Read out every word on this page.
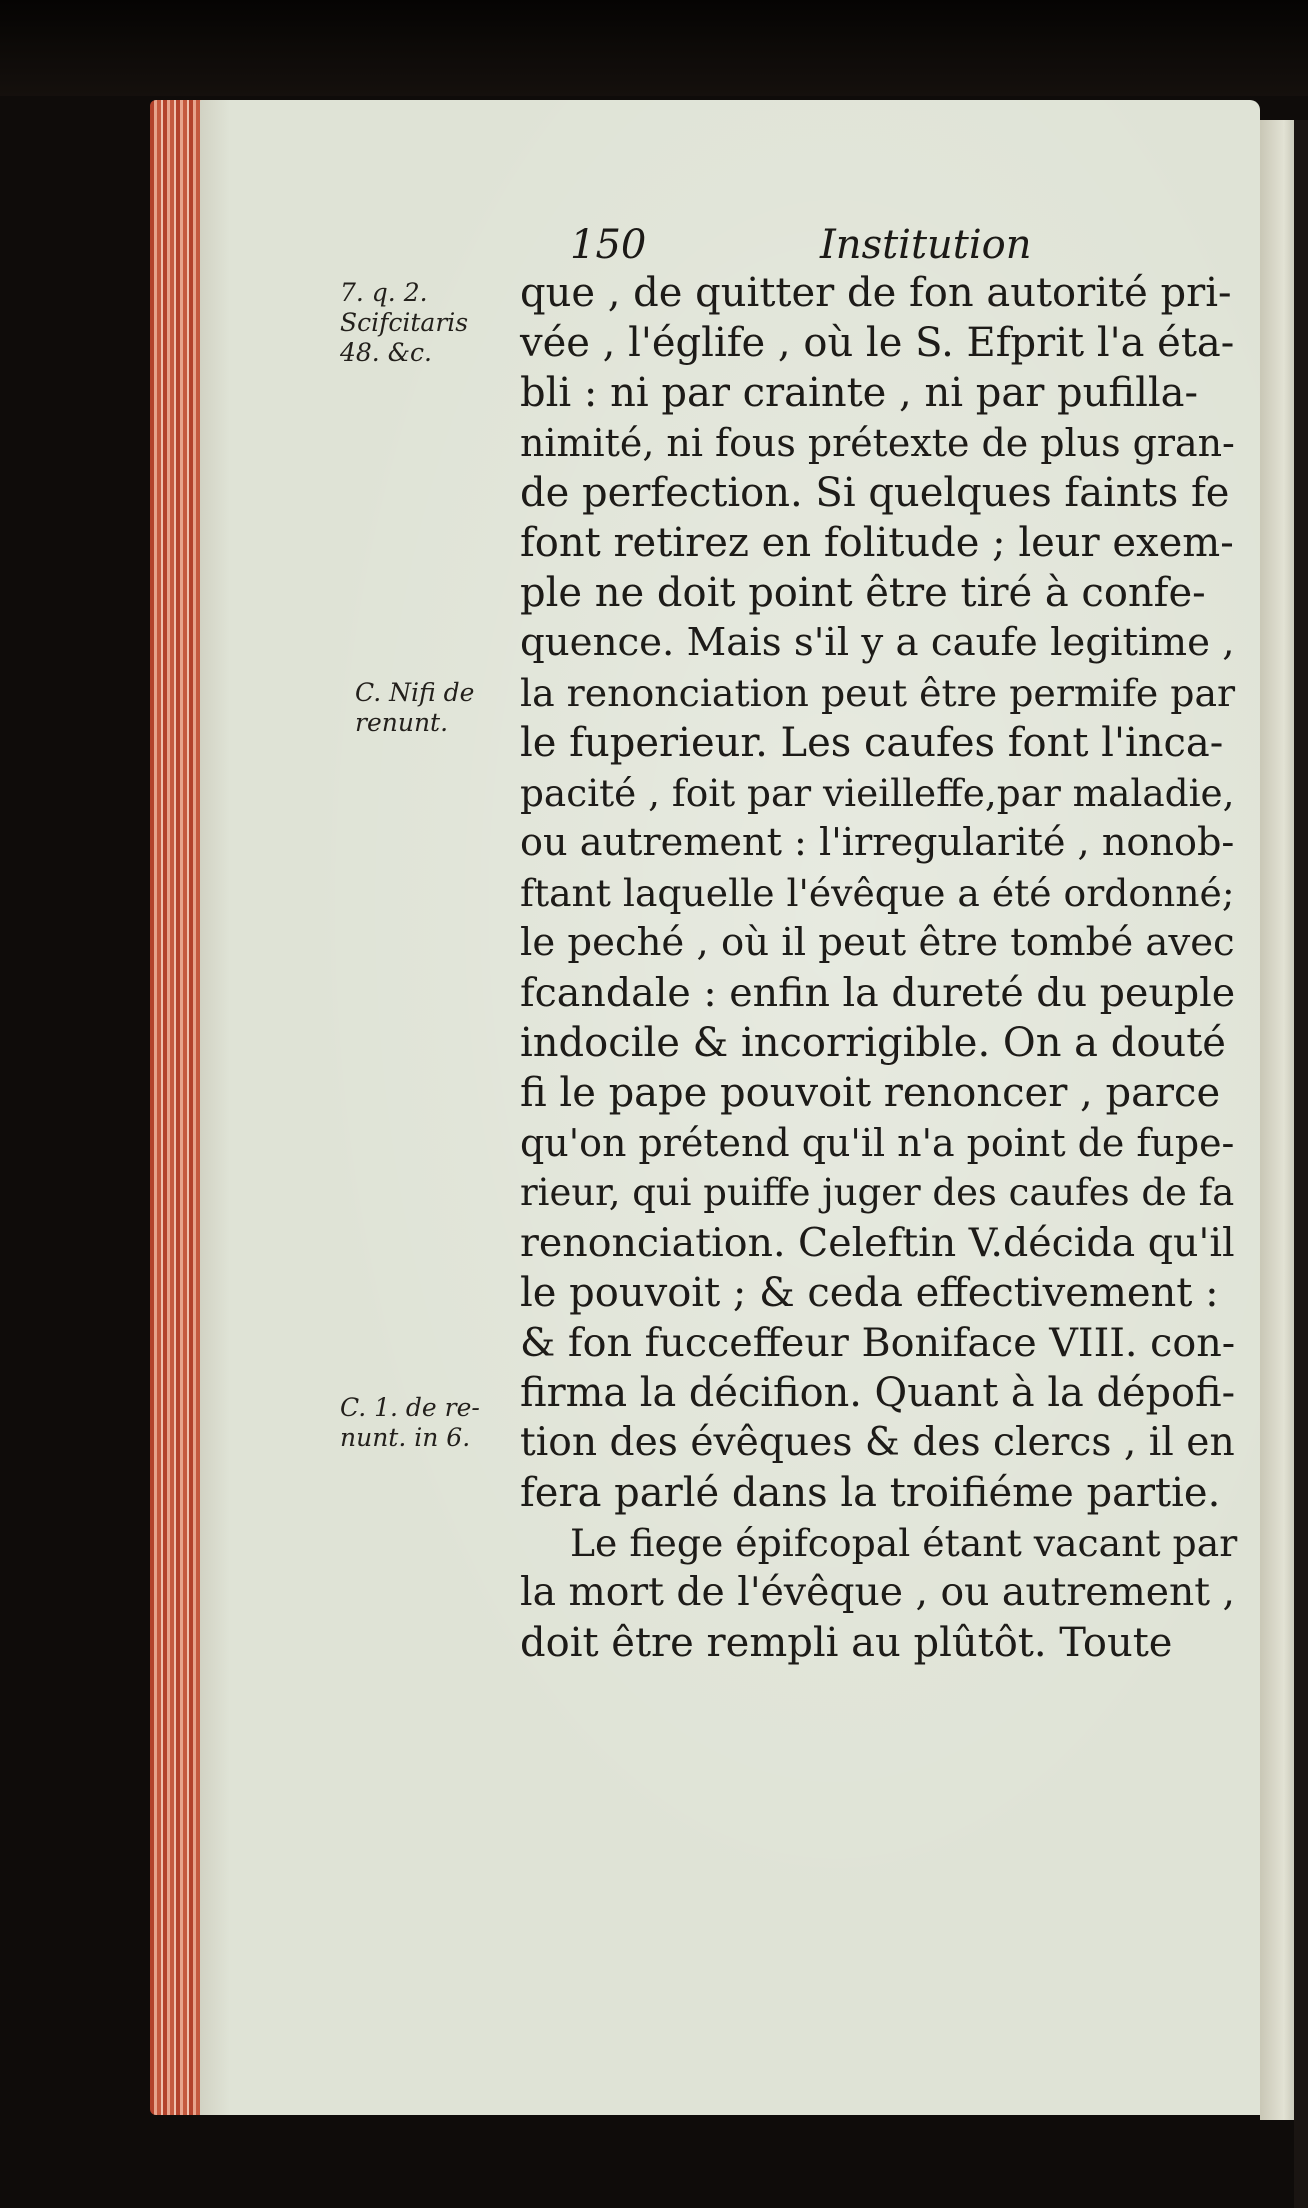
150	Institution
7. q. 2.
Scifcitaris
48. &c.
C. Nifi de
renunt.
C. 1. de re-
nunt. in 6.
que , de quitter de fon autorité pri-
vée , l'églife , où le S. Efprit l'a éta-
bli : ni par crainte , ni par pufilla-
nimité, ni fous prétexte de plus gran-
de perfection. Si quelques faints fe
font retirez en folitude ; leur exem-
ple ne doit point être tiré à confe-
quence. Mais s'il y a caufe legitime ,
la renonciation peut être permife par
le fuperieur. Les caufes font l'inca-
pacité , foit par vieilleffe,par maladie,
ou autrement : l'irregularité , nonob-
ftant laquelle l'évêque a été ordonné;
le peché , où il peut être tombé avec
fcandale : enfin la dureté du peuple
indocile & incorrigible. On a douté
fi le pape pouvoit renoncer , parce
qu'on prétend qu'il n'a point de fupe-
rieur, qui puiffe juger des caufes de fa
renonciation. Celeftin V.décida qu'il
le pouvoit ; & ceda effectivement :
& fon fucceffeur Boniface VIII. con-
firma la décifion. Quant à la dépofi-
tion des évêques & des clercs , il en
fera parlé dans la troifiéme partie.
Le fiege épifcopal étant vacant par
la mort de l'évêque , ou autrement ,
doit être rempli au plûtôt. Toute
